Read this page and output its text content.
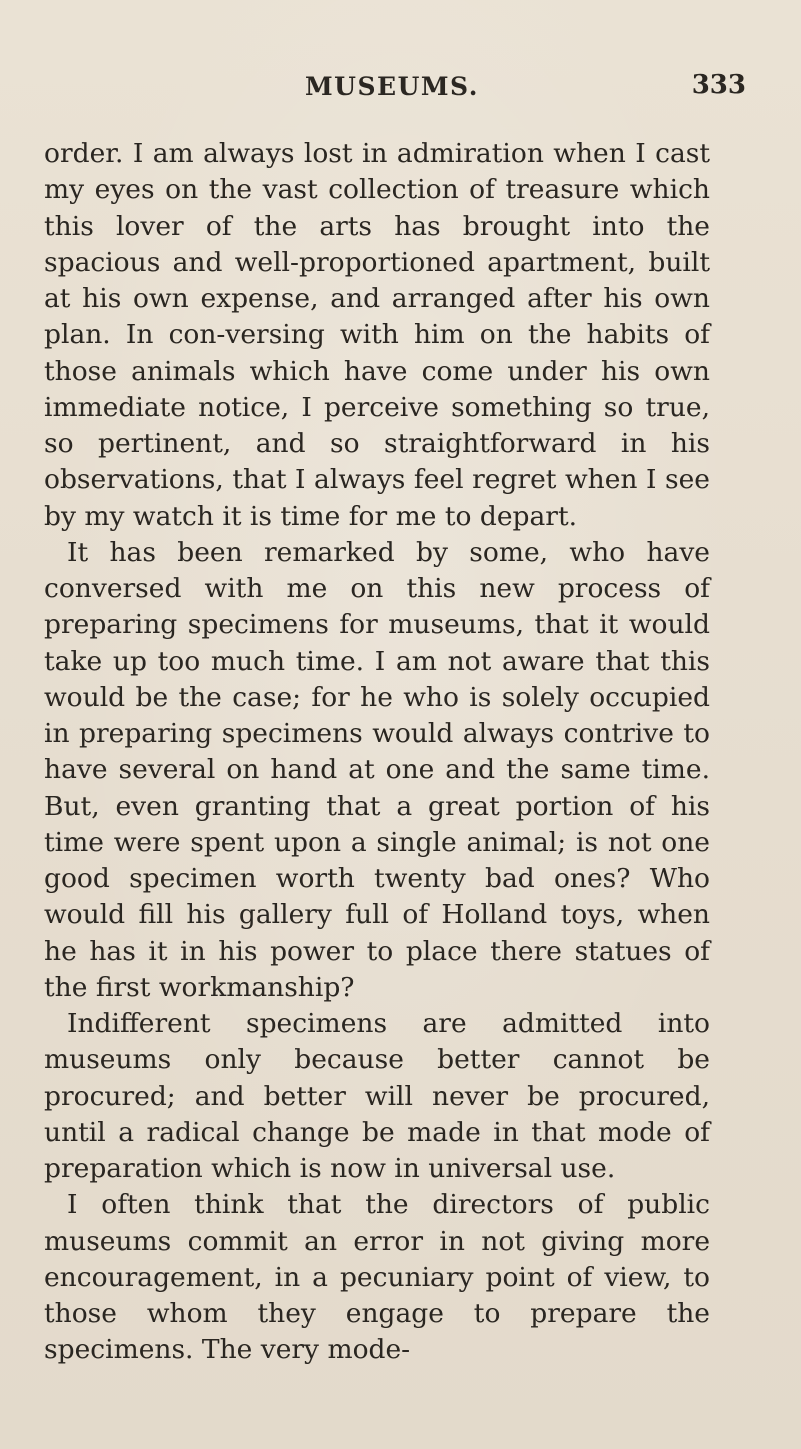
MUSEUMS.	333

order. I am always lost in admiration when I cast my eyes on the vast collection of treasure which this lover of the arts has brought into the spacious and well-proportioned apartment, built at his own expense, and arranged after his own plan. In con-versing with him on the habits of those animals which have come under his own immediate notice, I perceive something so true, so pertinent, and so straightforward in his observations, that I always feel regret when I see by my watch it is time for me to depart.

It has been remarked by some, who have conversed with me on this new process of preparing specimens for museums, that it would take up too much time. I am not aware that this would be the case; for he who is solely occupied in preparing specimens would always contrive to have several on hand at one and the same time. But, even granting that a great portion of his time were spent upon a single animal; is not one good specimen worth twenty bad ones? Who would fill his gallery full of Holland toys, when he has it in his power to place there statues of the first workmanship?

Indifferent specimens are admitted into museums only because better cannot be procured; and better will never be procured, until a radical change be made in that mode of preparation which is now in universal use.

I often think that the directors of public museums commit an error in not giving more encouragement, in a pecuniary point of view, to those whom they engage to prepare the specimens. The very mode-
